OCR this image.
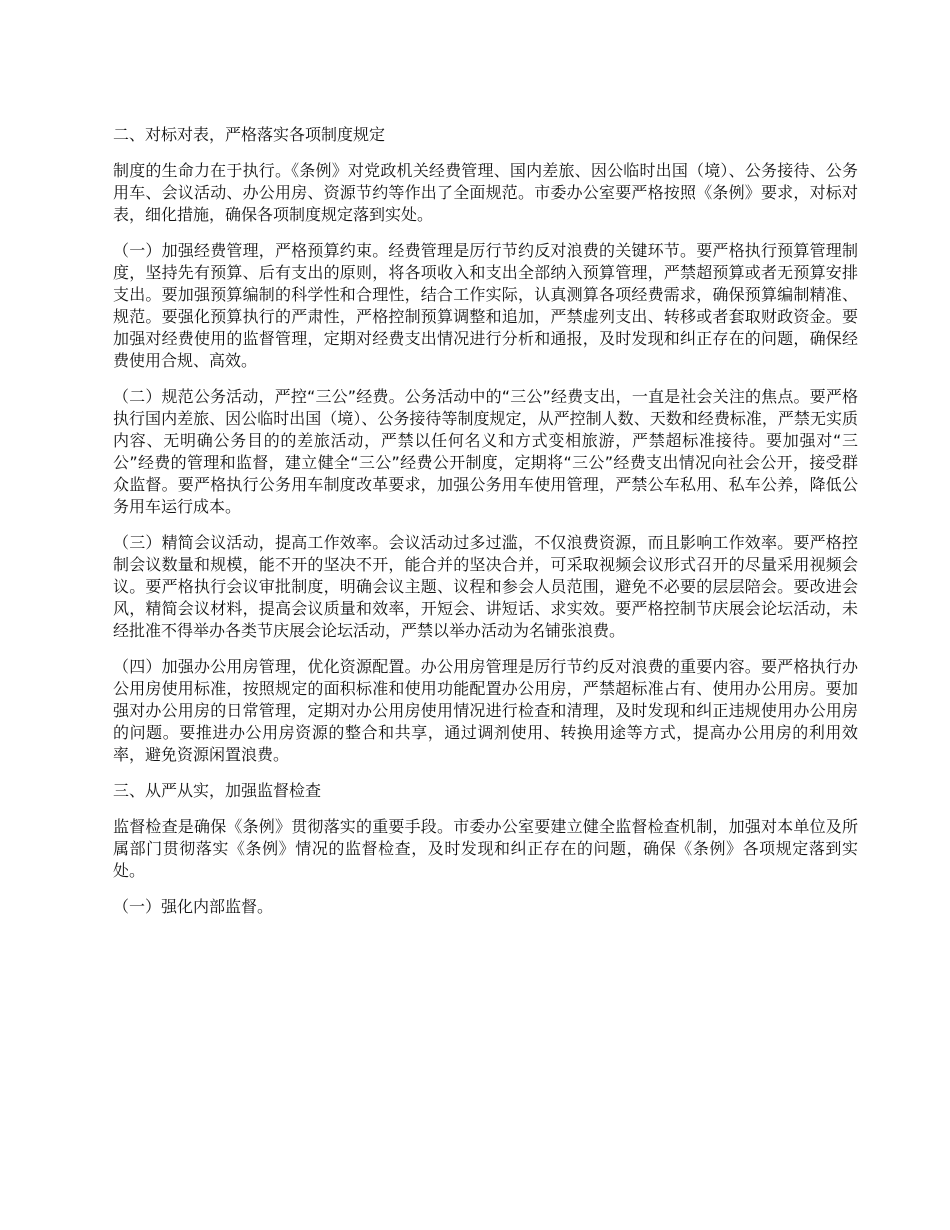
二、对标对表，严格落实各项制度规定

制度的生命力在于执行。《条例》对党政机关经费管理、国内差旅、因公临时出国（境）、公务接待、公务用车、会议活动、办公用房、资源节约等作出了全面规范。市委办公室要严格按照《条例》要求，对标对表，细化措施，确保各项制度规定落到实处。

（一）加强经费管理，严格预算约束。经费管理是厉行节约反对浪费的关键环节。要严格执行预算管理制度，坚持先有预算、后有支出的原则，将各项收入和支出全部纳入预算管理，严禁超预算或者无预算安排支出。要加强预算编制的科学性和合理性，结合工作实际，认真测算各项经费需求，确保预算编制精准、规范。要强化预算执行的严肃性，严格控制预算调整和追加，严禁虚列支出、转移或者套取财政资金。要加强对经费使用的监督管理，定期对经费支出情况进行分析和通报，及时发现和纠正存在的问题，确保经费使用合规、高效。

（二）规范公务活动，严控“三公”经费。公务活动中的“三公”经费支出，一直是社会关注的焦点。要严格执行国内差旅、因公临时出国（境）、公务接待等制度规定，从严控制人数、天数和经费标准，严禁无实质内容、无明确公务目的的差旅活动，严禁以任何名义和方式变相旅游，严禁超标准接待。要加强对“三公”经费的管理和监督，建立健全“三公”经费公开制度，定期将“三公”经费支出情况向社会公开，接受群众监督。要严格执行公务用车制度改革要求，加强公务用车使用管理，严禁公车私用、私车公养，降低公务用车运行成本。

（三）精简会议活动，提高工作效率。会议活动过多过滥，不仅浪费资源，而且影响工作效率。要严格控制会议数量和规模，能不开的坚决不开，能合并的坚决合并，可采取视频会议形式召开的尽量采用视频会议。要严格执行会议审批制度，明确会议主题、议程和参会人员范围，避免不必要的层层陪会。要改进会风，精简会议材料，提高会议质量和效率，开短会、讲短话、求实效。要严格控制节庆展会论坛活动，未经批准不得举办各类节庆展会论坛活动，严禁以举办活动为名铺张浪费。

（四）加强办公用房管理，优化资源配置。办公用房管理是厉行节约反对浪费的重要内容。要严格执行办公用房使用标准，按照规定的面积标准和使用功能配置办公用房，严禁超标准占有、使用办公用房。要加强对办公用房的日常管理，定期对办公用房使用情况进行检查和清理，及时发现和纠正违规使用办公用房的问题。要推进办公用房资源的整合和共享，通过调剂使用、转换用途等方式，提高办公用房的利用效率，避免资源闲置浪费。

三、从严从实，加强监督检查

监督检查是确保《条例》贯彻落实的重要手段。市委办公室要建立健全监督检查机制，加强对本单位及所属部门贯彻落实《条例》情况的监督检查，及时发现和纠正存在的问题，确保《条例》各项规定落到实处。

（一）强化内部监督。
